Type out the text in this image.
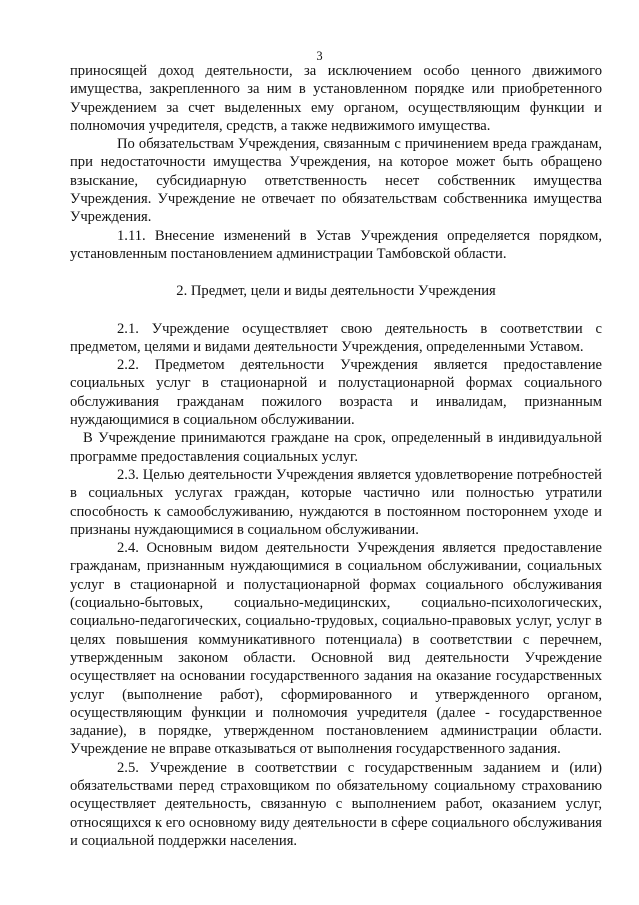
3

приносящей доход деятельности, за исключением особо ценного движимого имущества, закрепленного за ним в установленном порядке или приобретенного Учреждением за счет выделенных ему органом, осуществляющим функции и полномочия учредителя, средств, а также недвижимого имущества.

По обязательствам Учреждения, связанным с причинением вреда гражданам, при недостаточности имущества Учреждения, на которое может быть обращено взыскание, субсидиарную ответственность несет собственник имущества Учреждения. Учреждение не отвечает по обязательствам собственника имущества Учреждения.

1.11. Внесение изменений в Устав Учреждения определяется порядком, установленным постановлением администрации Тамбовской области.

2. Предмет, цели и виды деятельности Учреждения

2.1. Учреждение осуществляет свою деятельность в соответствии с предметом, целями и видами деятельности Учреждения, определенными Уставом.

2.2. Предметом деятельности Учреждения является предоставление социальных услуг в стационарной и полустационарной формах социального обслуживания гражданам пожилого возраста и инвалидам, признанным нуждающимися в социальном обслуживании.

В Учреждение принимаются граждане на срок, определенный в индивидуальной программе предоставления социальных услуг.

2.3. Целью деятельности Учреждения является удовлетворение потребностей в социальных услугах граждан, которые частично или полностью утратили способность к самообслуживанию, нуждаются в постоянном постороннем уходе и признаны нуждающимися в социальном обслуживании.

2.4. Основным видом деятельности Учреждения является предоставление гражданам, признанным нуждающимися в социальном обслуживании, социальных услуг в стационарной и полустационарной формах социального обслуживания (социально-бытовых, социально-медицинских, социально-психологических, социально-педагогических, социально-трудовых, социально-правовых услуг, услуг в целях повышения коммуникативного потенциала) в соответствии с перечнем, утвержденным законом области. Основной вид деятельности Учреждение осуществляет на основании государственного задания на оказание государственных услуг (выполнение работ), сформированного и утвержденного органом, осуществляющим функции и полномочия учредителя (далее - государственное задание), в порядке, утвержденном постановлением администрации области. Учреждение не вправе отказываться от выполнения государственного задания.

2.5. Учреждение в соответствии с государственным заданием и (или) обязательствами перед страховщиком по обязательному социальному страхованию осуществляет деятельность, связанную с выполнением работ, оказанием услуг, относящихся к его основному виду деятельности в сфере социального обслуживания и социальной поддержки населения.
